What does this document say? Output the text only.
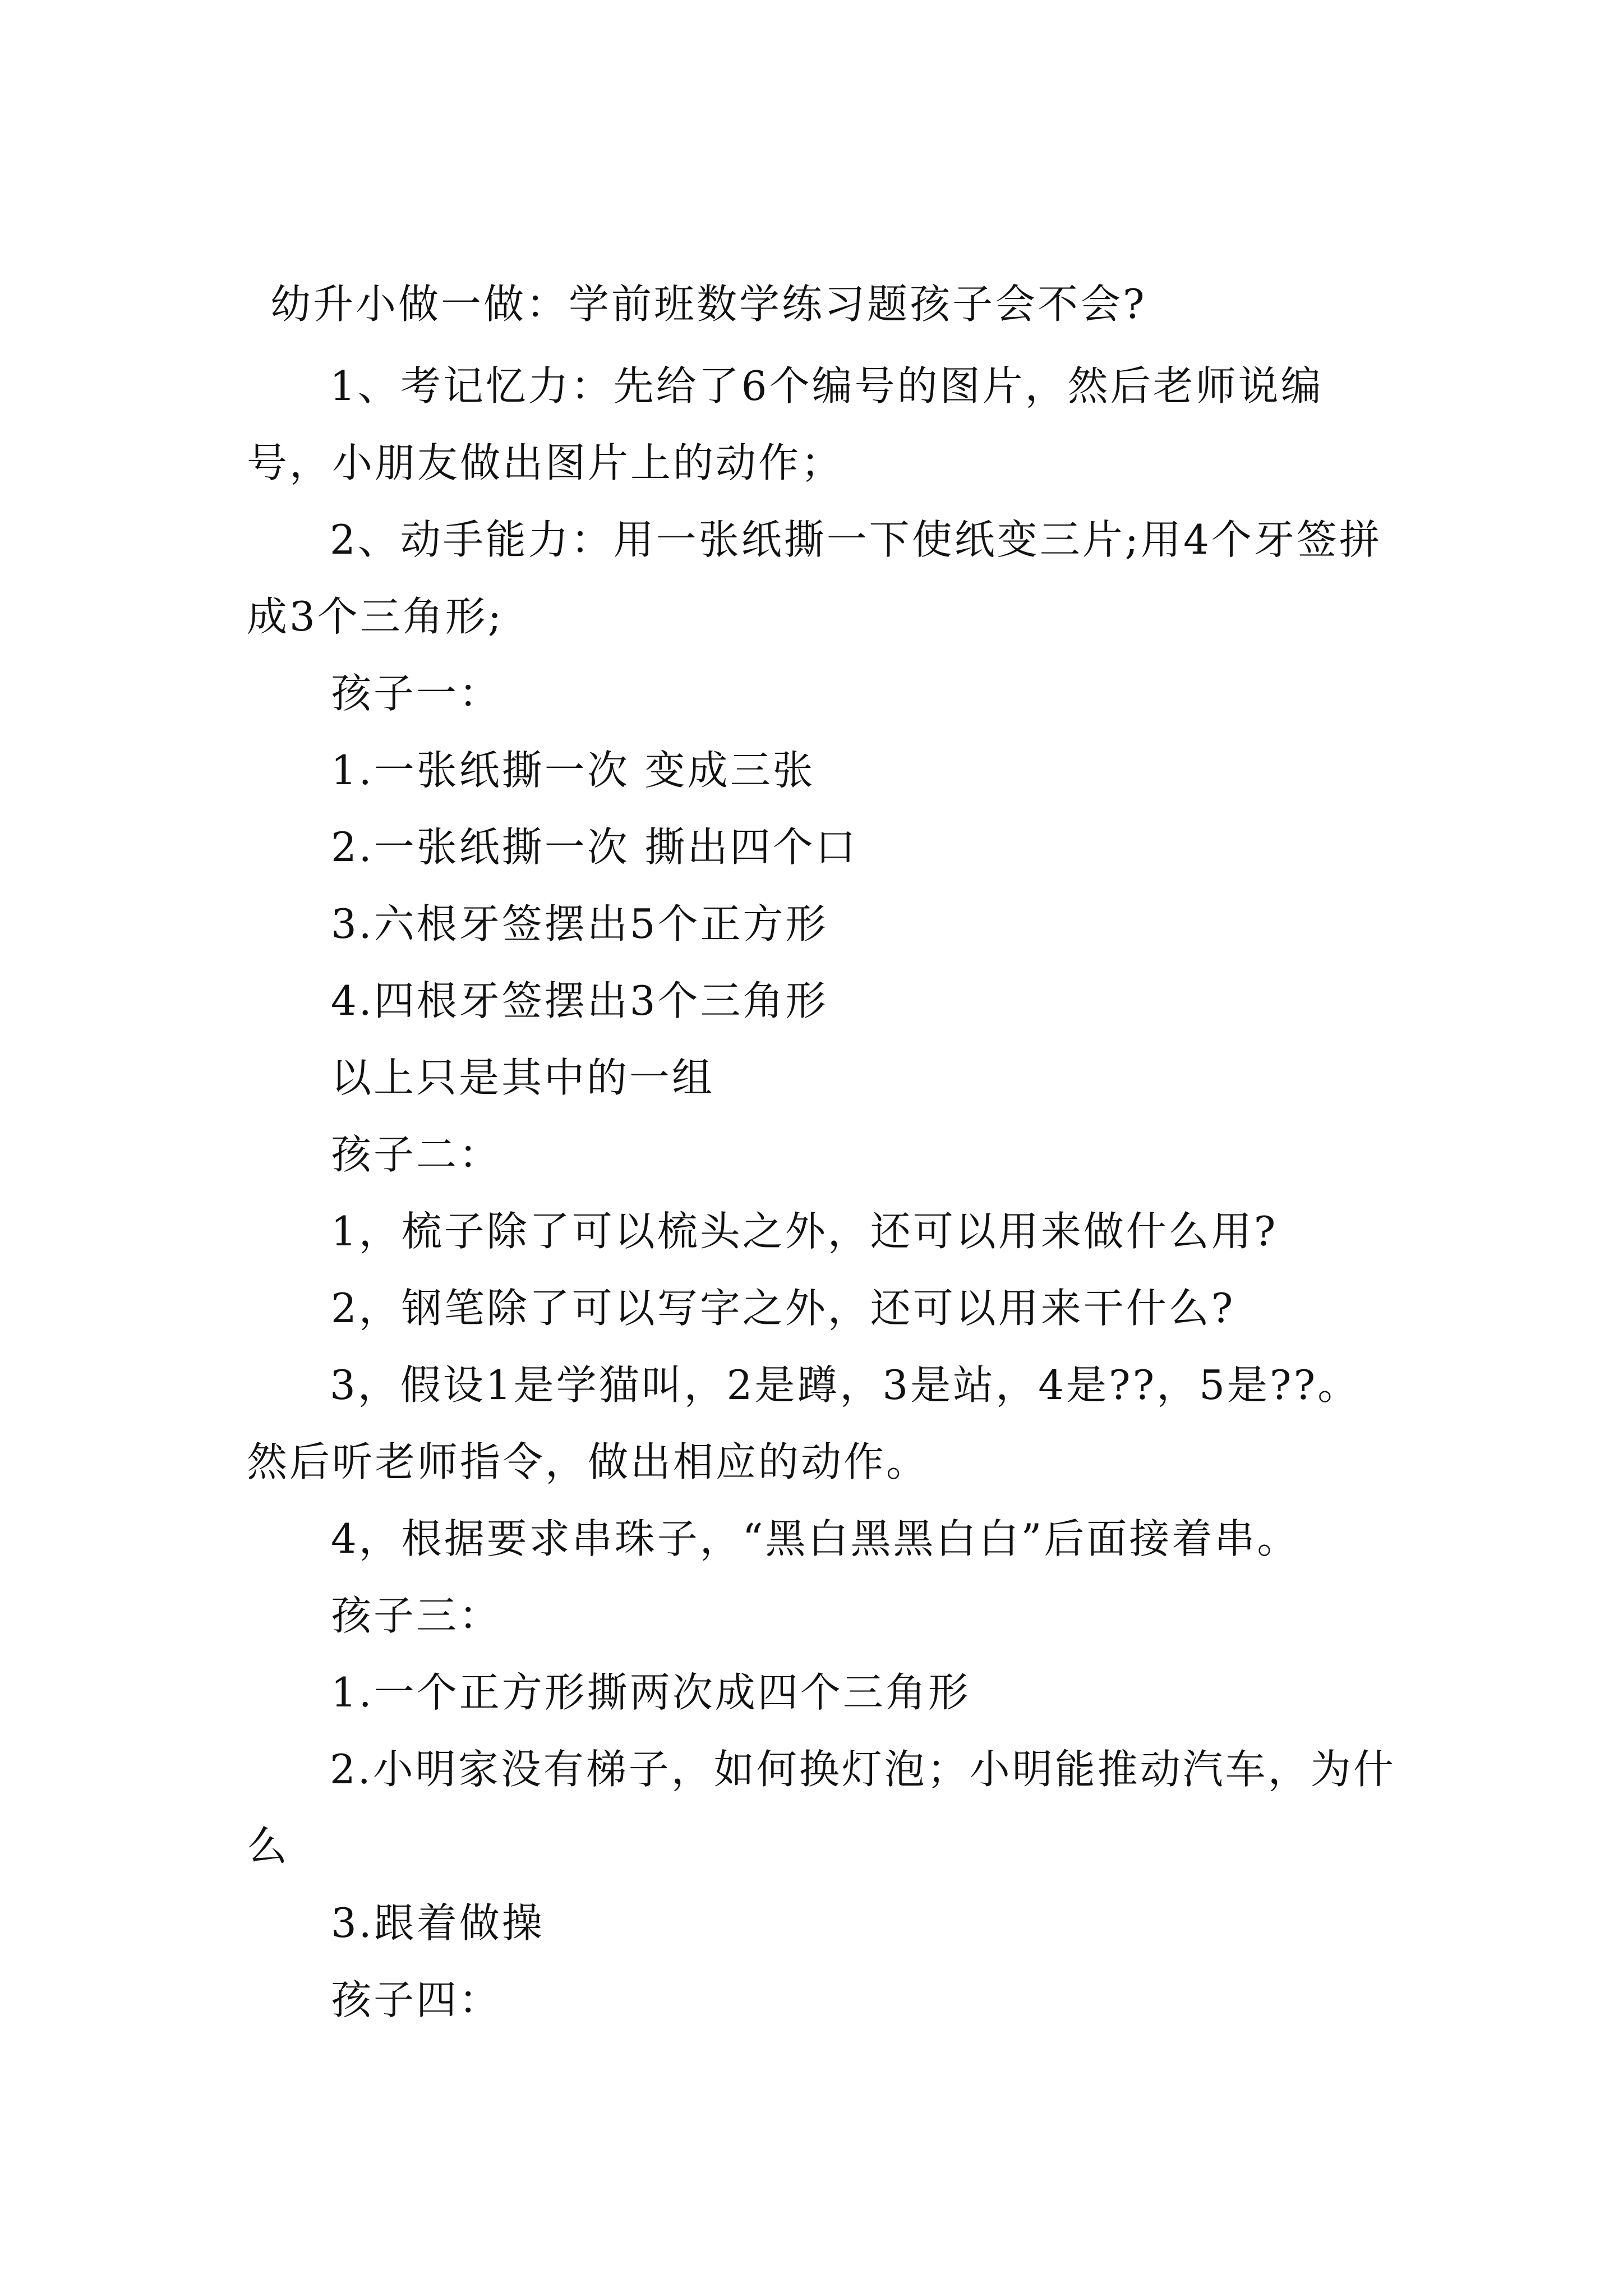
幼升小做一做：学前班数学练习题孩子会不会?

1、考记忆力：先给了6个编号的图片，然后老师说编号，小朋友做出图片上的动作；

2、动手能力：用一张纸撕一下使纸变三片;用4个牙签拼成3个三角形;

孩子一：

1.一张纸撕一次 变成三张

2.一张纸撕一次 撕出四个口

3.六根牙签摆出5个正方形

4.四根牙签摆出3个三角形

以上只是其中的一组

孩子二：

1，梳子除了可以梳头之外，还可以用来做什么用?

2，钢笔除了可以写字之外，还可以用来干什么?

3，假设1是学猫叫，2是蹲，3是站，4是??，5是??。然后听老师指令，做出相应的动作。

4，根据要求串珠子，“黑白黑黑白白”后面接着串。

孩子三：

1.一个正方形撕两次成四个三角形

2.小明家没有梯子，如何换灯泡；小明能推动汽车，为什么

3.跟着做操

孩子四：
